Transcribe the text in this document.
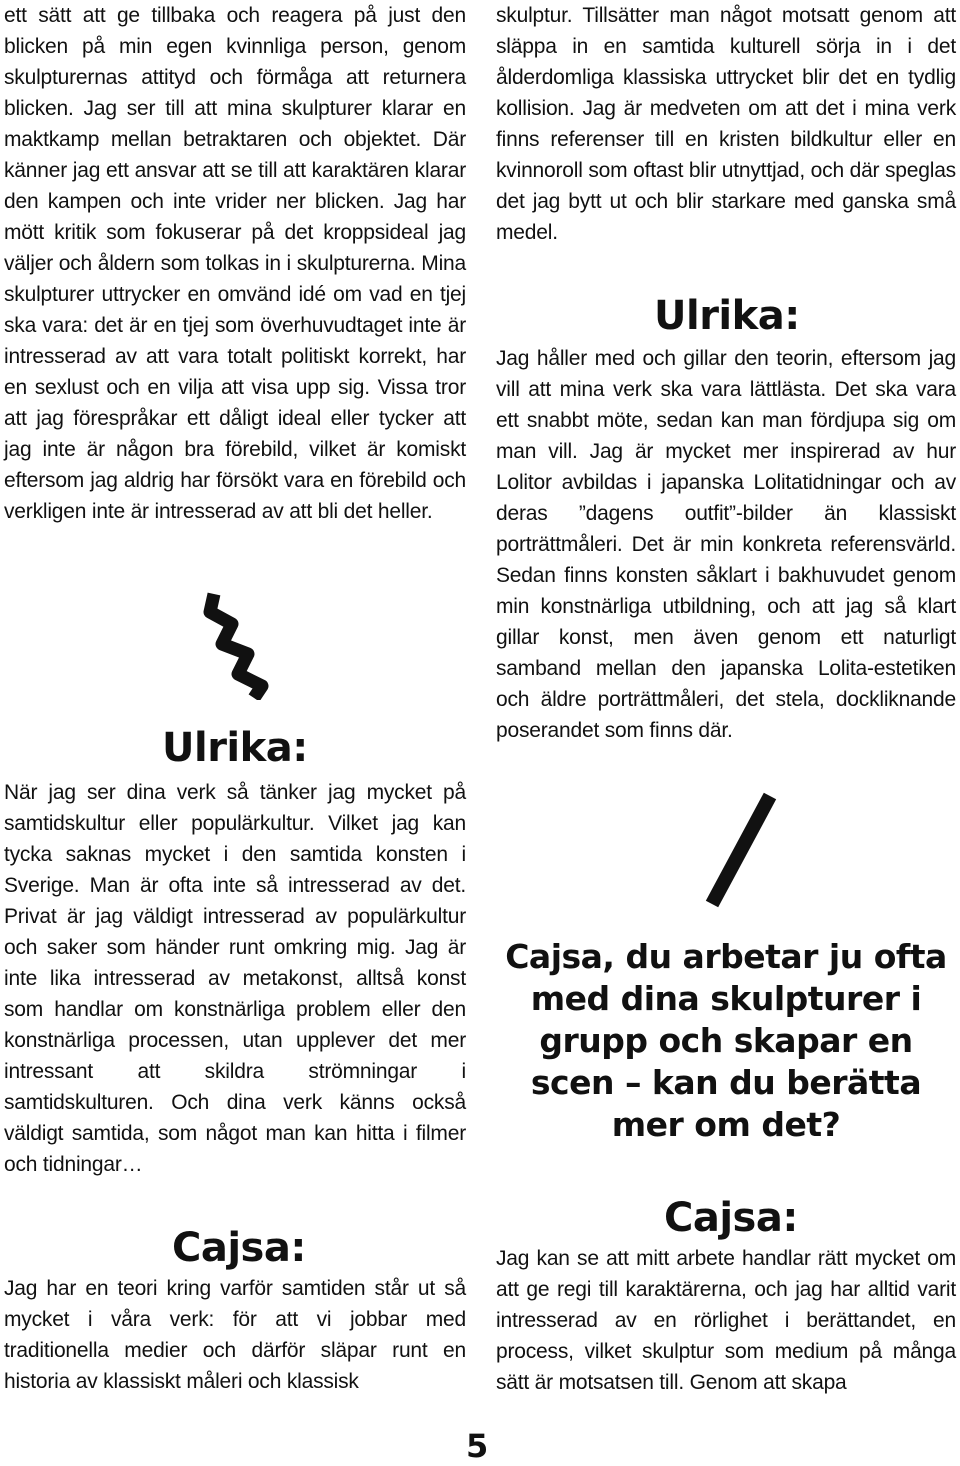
ett sätt att ge tillbaka och reagera på just den blicken på min egen kvinnliga person, genom skulpturernas attityd och förmåga att returnera blicken. Jag ser till att mina skulpturer klarar en maktkamp mellan betraktaren och objektet. Där känner jag ett ansvar att se till att karaktären klarar den kampen och inte vrider ner blicken. Jag har mött kritik som fokuserar på det kroppsideal jag väljer och åldern som tolkas in i skulpturerna. Mina skulpturer uttrycker en omvänd idé om vad en tjej ska vara: det är en tjej som överhuvudtaget inte är intresserad av att vara totalt politiskt korrekt, har en sexlust och en vilja att visa upp sig. Vissa tror att jag förespråkar ett dåligt ideal eller tycker att jag inte är någon bra förebild, vilket är komiskt eftersom jag aldrig har försökt vara en förebild och verkligen inte är intresserad av att bli det heller.

Ulrika:

När jag ser dina verk så tänker jag mycket på samtidskultur eller populärkultur. Vilket jag kan tycka saknas mycket i den samtida konsten i Sverige. Man är ofta inte så intresserad av det. Privat är jag väldigt intresserad av populärkultur och saker som händer runt omkring mig. Jag är inte lika intresserad av metakonst, alltså konst som handlar om konstnärliga problem eller den konstnärliga processen, utan upplever det mer intressant att skildra strömningar i samtidskulturen. Och dina verk känns också väldigt samtida, som något man kan hitta i filmer och tidningar…

Cajsa:

Jag har en teori kring varför samtiden står ut så mycket i våra verk: för att vi jobbar med traditionella medier och därför släpar runt en historia av klassiskt måleri och klassisk

skulptur. Tillsätter man något motsatt genom att släppa in en samtida kulturell sörja in i det ålderdomliga klassiska uttrycket blir det en tydlig kollision. Jag är medveten om att det i mina verk finns referenser till en kristen bildkultur eller en kvinnoroll som oftast blir utnyttjad, och där speglas det jag bytt ut och blir starkare med ganska små medel.

Ulrika:

Jag håller med och gillar den teorin, eftersom jag vill att mina verk ska vara lättlästa. Det ska vara ett snabbt möte, sedan kan man fördjupa sig om man vill. Jag är mycket mer inspirerad av hur Lolitor avbildas i japanska Lolitatidningar och av deras ”dagens outfit”-bilder än klassiskt porträttmåleri. Det är min konkreta referensvärld. Sedan finns konsten såklart i bakhuvudet genom min konstnärliga utbildning, och att jag så klart gillar konst, men även genom ett naturligt samband mellan den japanska Lolita-estetiken och äldre porträttmåleri, det stela, dockliknande poserandet som finns där.

Cajsa, du arbetar ju ofta med dina skulpturer i grupp och skapar en scen – kan du berätta mer om det?

Cajsa:

Jag kan se att mitt arbete handlar rätt mycket om att ge regi till karaktärerna, och jag har alltid varit intresserad av en rörlighet i berättandet, en process, vilket skulptur som medium på många sätt är motsatsen till. Genom att skapa

5
